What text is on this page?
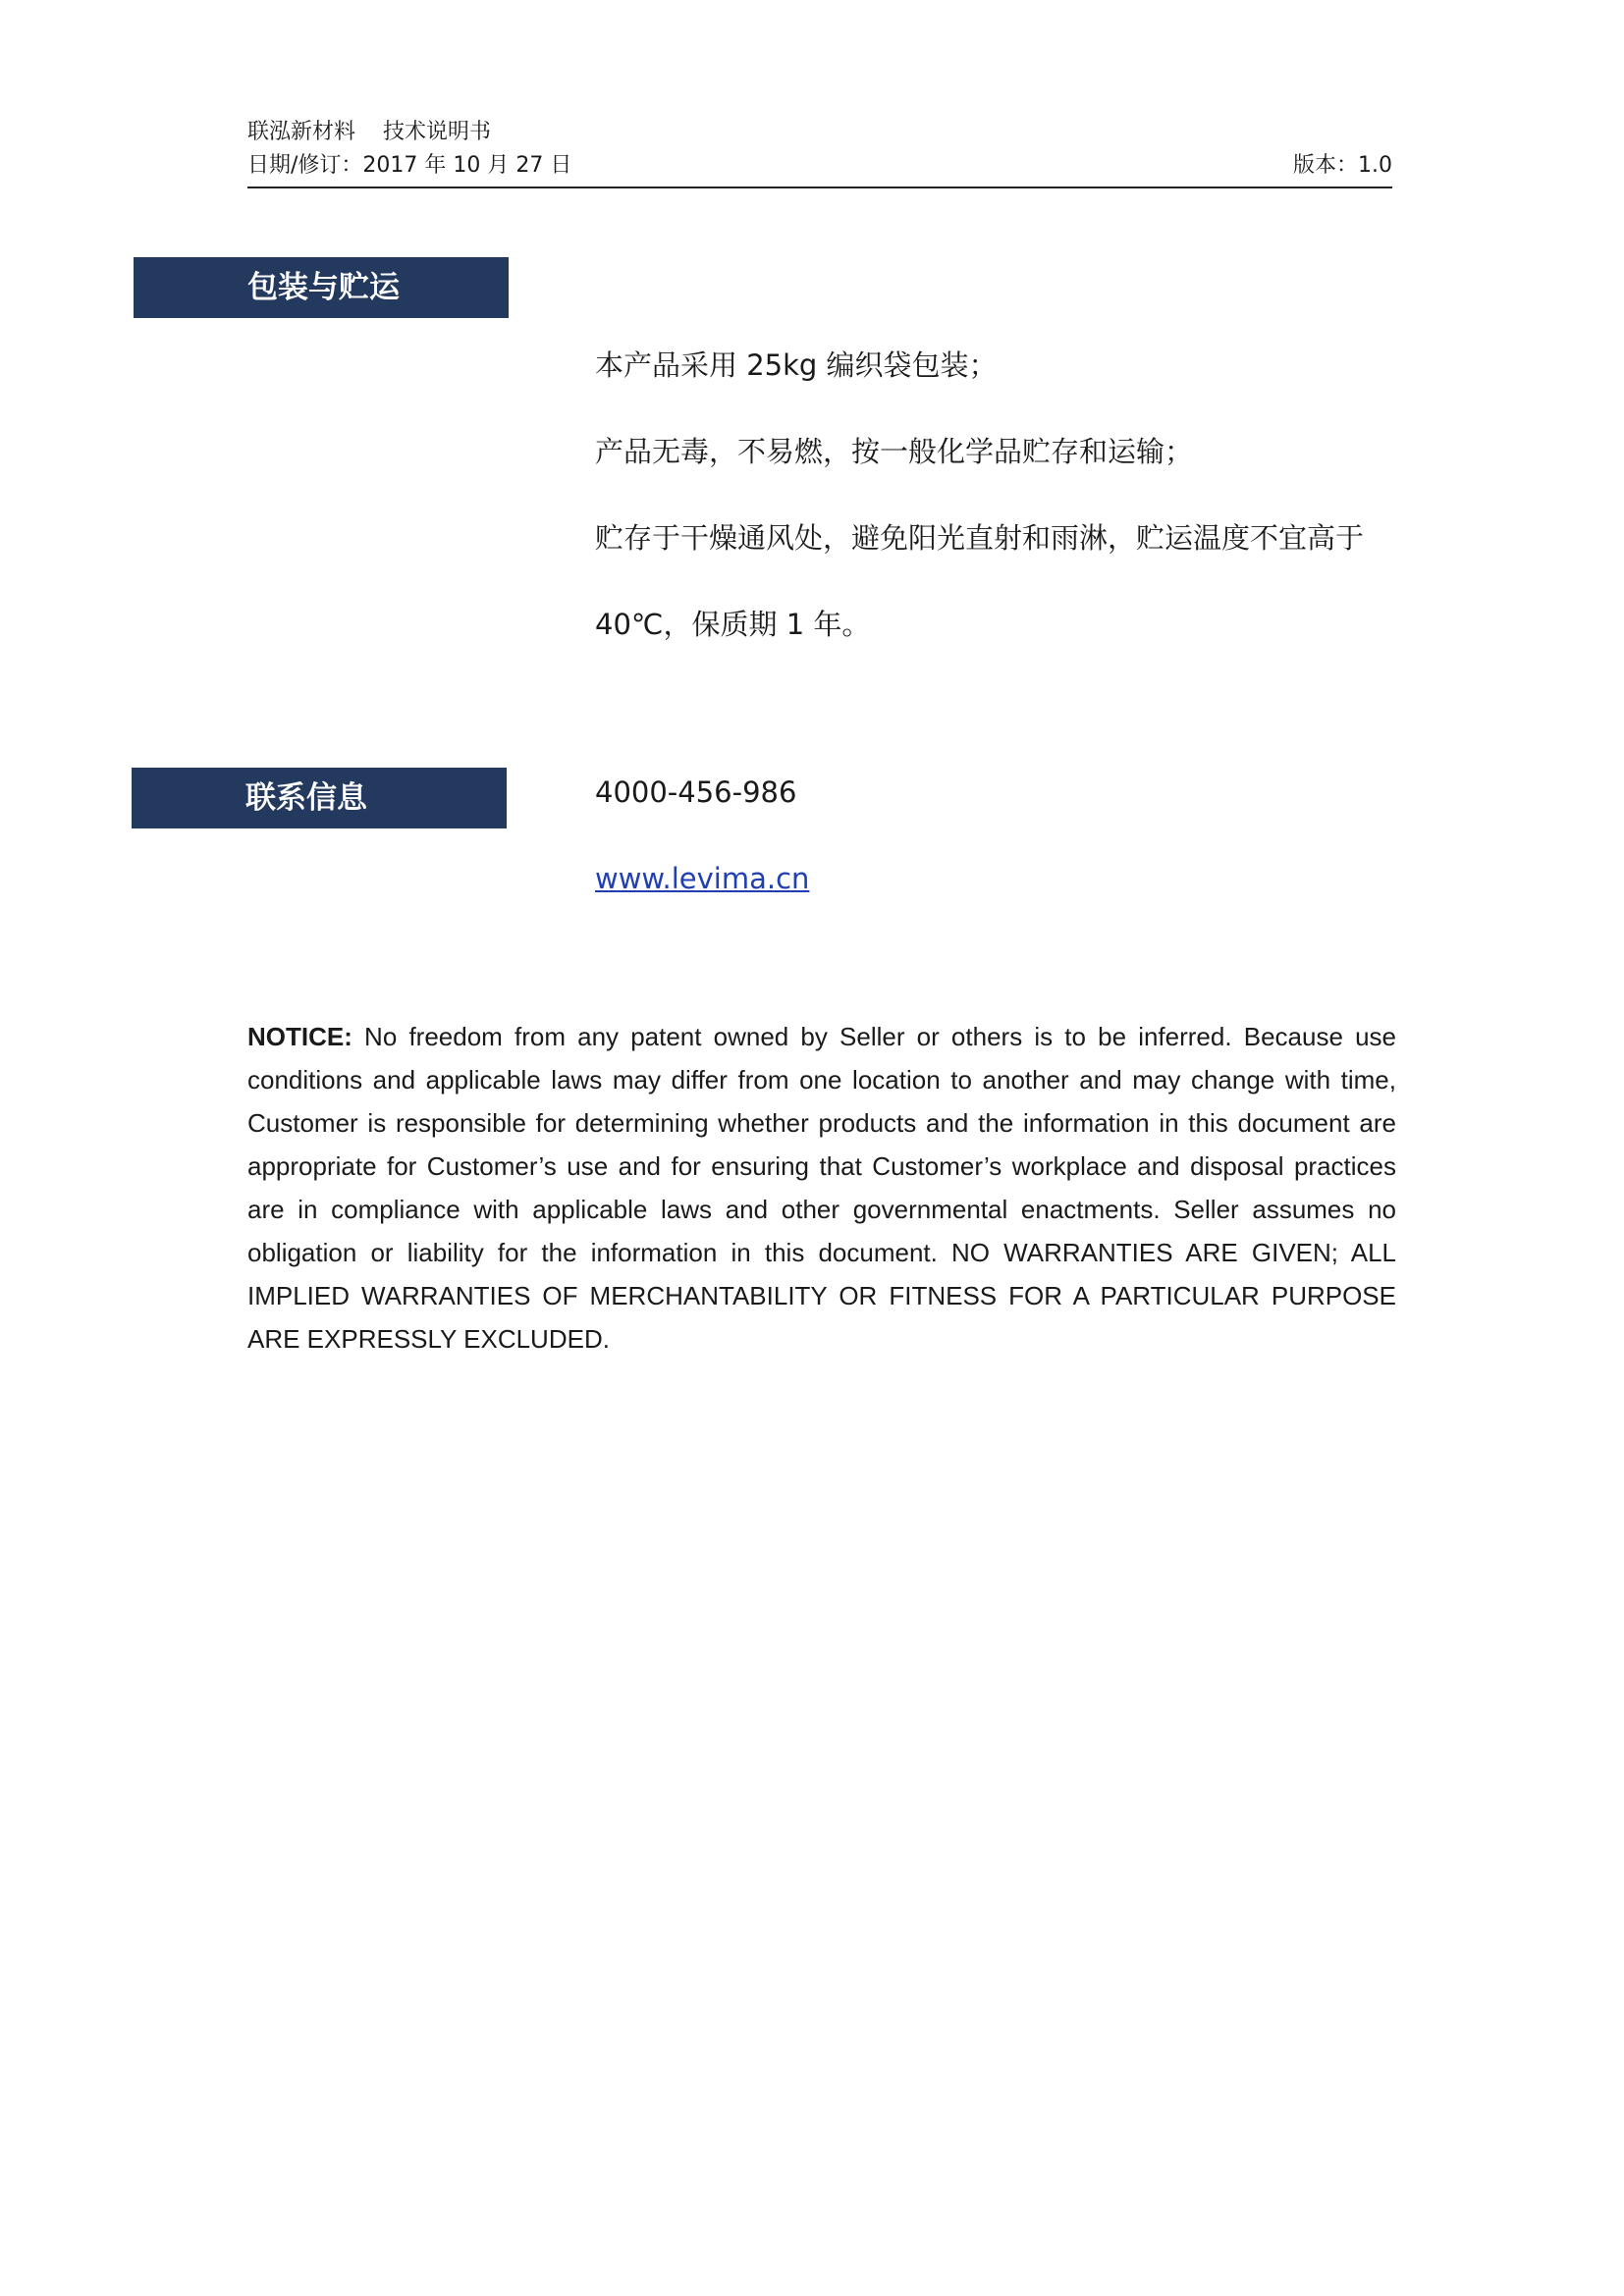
联泓新材料    技术说明书
日期/修订：2017 年 10 月 27 日	版本：1.0
包装与贮运
本产品采用 25kg 编织袋包装；
产品无毒，不易燃，按一般化学品贮存和运输；
贮存于干燥通风处，避免阳光直射和雨淋，贮运温度不宜高于
40℃，保质期 1 年。
联系信息	4000-456-986
www.levima.cn
NOTICE: No freedom from any patent owned by Seller or others is to be inferred. Because use conditions and applicable laws may differ from one location to another and may change with time, Customer is responsible for determining whether products and the information in this document are appropriate for Customer’s use and for ensuring that Customer’s workplace and disposal practices are in compliance with applicable laws and other governmental enactments. Seller assumes no obligation or liability for the information in this document. NO WARRANTIES ARE GIVEN; ALL IMPLIED WARRANTIES OF MERCHANTABILITY OR FITNESS FOR A PARTICULAR PURPOSE ARE EXPRESSLY EXCLUDED.
